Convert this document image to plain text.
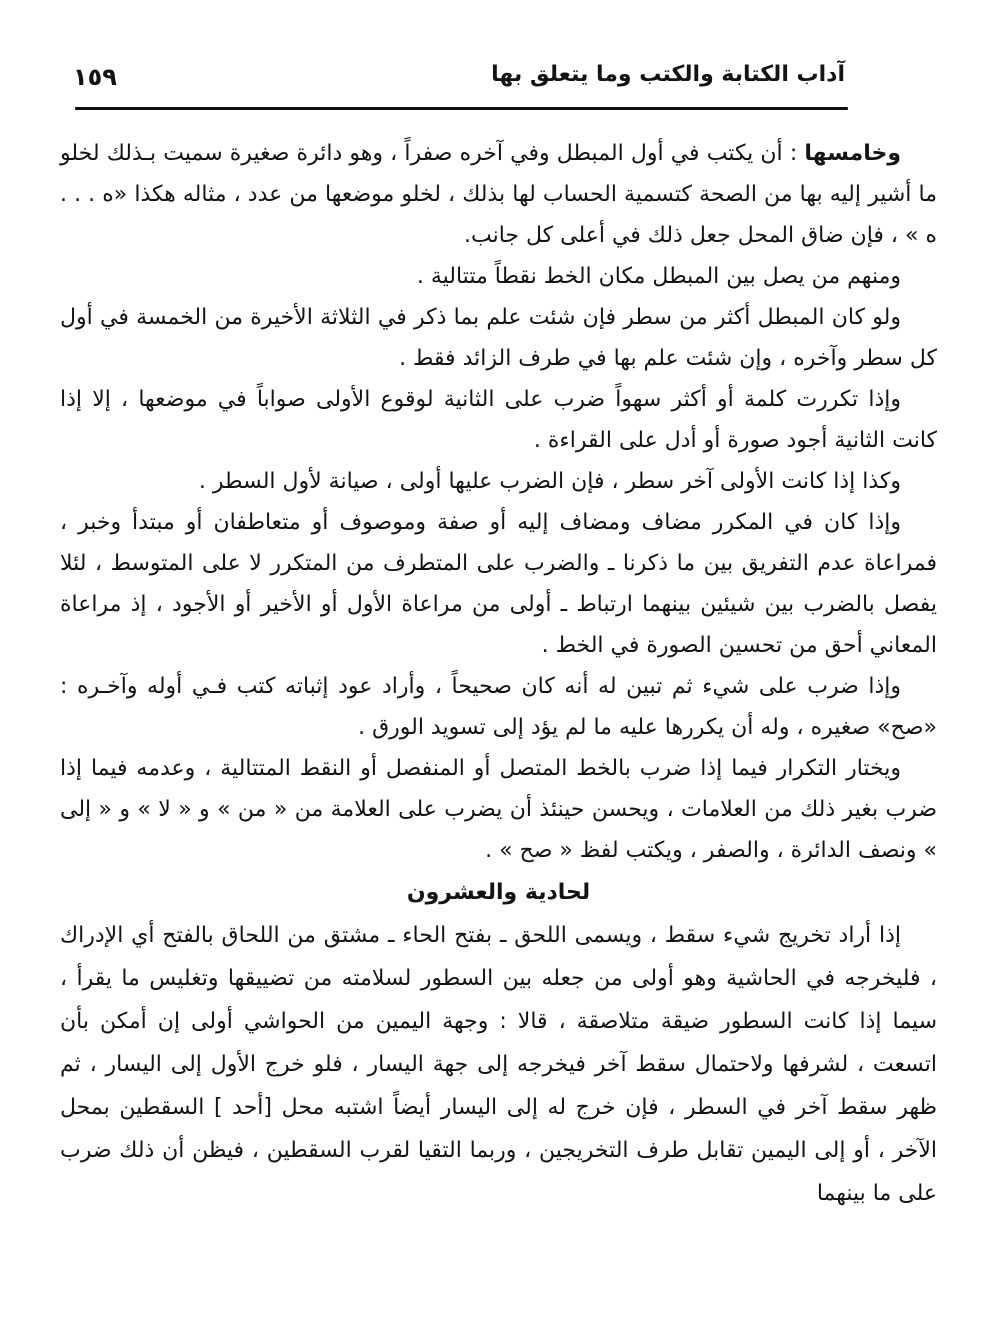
١٥٩	آداب الكتابة والكتب وما يتعلق بها

وخامسها : أن يكتب في أول المبطل وفي آخره صفراً ، وهو دائرة صغيرة سميت بـذلك لخلو ما أشير إليه بها من الصحة كتسمية الحساب لها بذلك ، لخلو موضعها من عدد ، مثاله هكذا «ه . . . ه » ، فإن ضاق المحل جعل ذلك في أعلى كل جانب.

ومنهم من يصل بين المبطل مكان الخط نقطاً متتالية .

ولو كان المبطل أكثر من سطر فإن شئت علم بما ذكر في الثلاثة الأخيرة من الخمسة في أول كل سطر وآخره ، وإن شئت علم بها في طرف الزائد فقط .

وإذا تكررت كلمة أو أكثر سهواً ضرب على الثانية لوقوع الأولى صواباً في موضعها ، إلا إذا كانت الثانية أجود صورة أو أدل على القراءة .

وكذا إذا كانت الأولى آخر سطر ، فإن الضرب عليها أولى ، صيانة لأول السطر .

وإذا كان في المكرر مضاف ومضاف إليه أو صفة وموصوف أو متعاطفان أو مبتدأ وخبر ، فمراعاة عدم التفريق بين ما ذكرنا ـ والضرب على المتطرف من المتكرر لا على المتوسط ، لئلا يفصل بالضرب بين شيئين بينهما ارتباط ـ أولى من مراعاة الأول أو الأخير أو الأجود ، إذ مراعاة المعاني أحق من تحسين الصورة في الخط .

وإذا ضرب على شيء ثم تبين له أنه كان صحيحاً ، وأراد عود إثباته كتب فـي أوله وآخـره : «صح» صغيره ، وله أن يكررها عليه ما لم يؤد إلى تسويد الورق .

ويختار التكرار فيما إذا ضرب بالخط المتصل أو المنفصل أو النقط المتتالية ، وعدمه فيما إذا ضرب بغير ذلك من العلامات ، ويحسن حينئذ أن يضرب على العلامة من « من » و « لا » و « إلى » ونصف الدائرة ، والصفر ، ويكتب لفظ « صح » .

لحادية والعشرون

إذا أراد تخريج شيء سقط ، ويسمى اللحق ـ بفتح الحاء ـ مشتق من اللحاق بالفتح أي الإدراك ، فليخرجه في الحاشية وهو أولى من جعله بين السطور لسلامته من تضييقها وتغليس ما يقرأ ، سيما إذا كانت السطور ضيقة متلاصقة ، قالا : وجهة اليمين من الحواشي أولى إن أمكن بأن اتسعت ، لشرفها ولاحتمال سقط آخر فيخرجه إلى جهة اليسار ، فلو خرج الأول إلى اليسار ، ثم ظهر سقط آخر في السطر ، فإن خرج له إلى اليسار أيضاً اشتبه محل [أحد ] السقطين بمحل الآخر ، أو إلى اليمين تقابل طرف التخريجين ، وربما التقيا لقرب السقطين ، فيظن أن ذلك ضرب على ما بينهما
